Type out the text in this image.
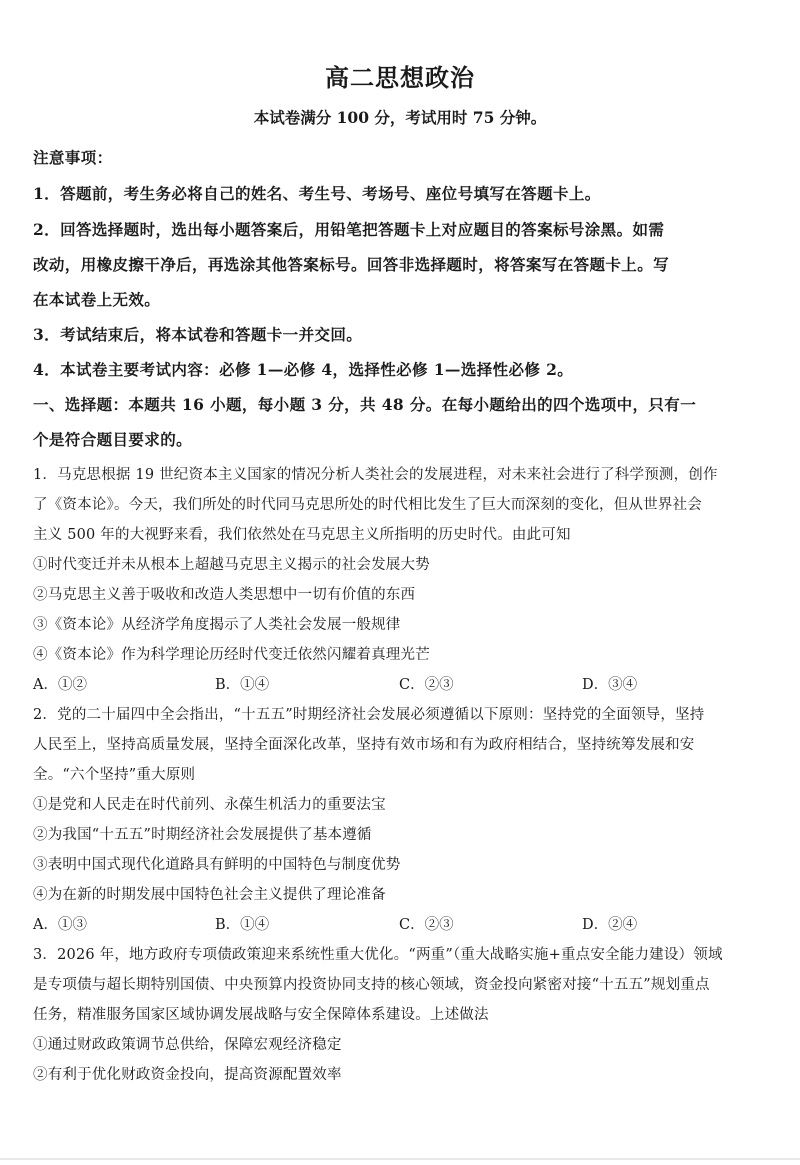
高二思想政治
本试卷满分 100 分，考试用时 75 分钟。
注意事项：
1．答题前，考生务必将自己的姓名、考生号、考场号、座位号填写在答题卡上。
2．回答选择题时，选出每小题答案后，用铅笔把答题卡上对应题目的答案标号涂黑。如需
改动，用橡皮擦干净后，再选涂其他答案标号。回答非选择题时，将答案写在答题卡上。写
在本试卷上无效。
3．考试结束后，将本试卷和答题卡一并交回。
4．本试卷主要考试内容：必修 1—必修 4，选择性必修 1—选择性必修 2。
一、选择题：本题共 16 小题，每小题 3 分，共 48 分。在每小题给出的四个选项中，只有一
个是符合题目要求的。
1．马克思根据 19 世纪资本主义国家的情况分析人类社会的发展进程，对未来社会进行了科学预测，创作
了《资本论》。今天，我们所处的时代同马克思所处的时代相比发生了巨大而深刻的变化，但从世界社会
主义 500 年的大视野来看，我们依然处在马克思主义所指明的历史时代。由此可知
①时代变迁并未从根本上超越马克思主义揭示的社会发展大势
②马克思主义善于吸收和改造人类思想中一切有价值的东西
③《资本论》从经济学角度揭示了人类社会发展一般规律
④《资本论》作为科学理论历经时代变迁依然闪耀着真理光芒
A．①②	B．①④	C．②③	D．③④
2．党的二十届四中全会指出，“十五五”时期经济社会发展必须遵循以下原则：坚持党的全面领导，坚持
人民至上，坚持高质量发展，坚持全面深化改革，坚持有效市场和有为政府相结合，坚持统筹发展和安
全。“六个坚持”重大原则
①是党和人民走在时代前列、永葆生机活力的重要法宝
②为我国“十五五”时期经济社会发展提供了基本遵循
③表明中国式现代化道路具有鲜明的中国特色与制度优势
④为在新的时期发展中国特色社会主义提供了理论准备
A．①③	B．①④	C．②③	D．②④
3．2026 年，地方政府专项债政策迎来系统性重大优化。“两重”（重大战略实施+重点安全能力建设）领域
是专项债与超长期特别国债、中央预算内投资协同支持的核心领域，资金投向紧密对接“十五五”规划重点
任务，精准服务国家区域协调发展战略与安全保障体系建设。上述做法
①通过财政政策调节总供给，保障宏观经济稳定
②有利于优化财政资金投向，提高资源配置效率
